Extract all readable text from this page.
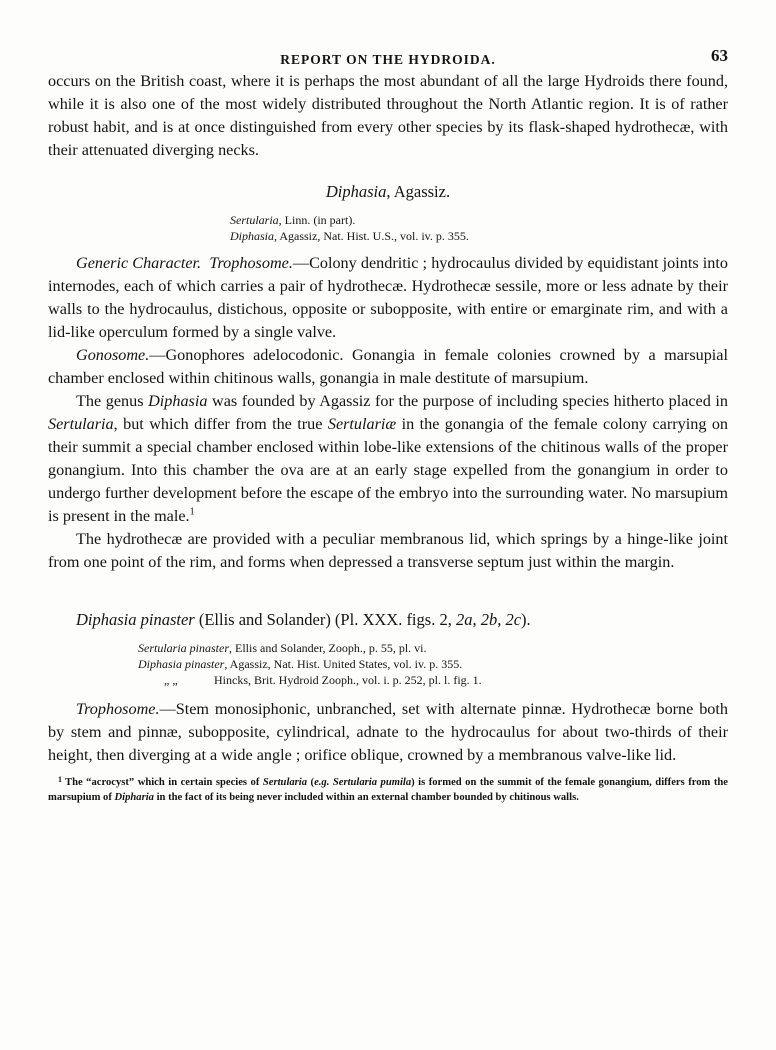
REPORT ON THE HYDROIDA.	63

occurs on the British coast, where it is perhaps the most abundant of all the large Hydroids there found, while it is also one of the most widely distributed throughout the North Atlantic region. It is of rather robust habit, and is at once distinguished from every other species by its flask-shaped hydrothecæ, with their attenuated diverging necks.

Diphasia, Agassiz.
Sertularia, Linn. (in part).
Diphasia, Agassiz, Nat. Hist. U.S., vol. iv. p. 355.

Generic Character. Trophosome.—Colony dendritic ; hydrocaulus divided by equidistant joints into internodes, each of which carries a pair of hydrothecæ. Hydrothecæ sessile, more or less adnate by their walls to the hydrocaulus, distichous, opposite or subopposite, with entire or emarginate rim, and with a lid-like operculum formed by a single valve.

Gonosome.—Gonophores adelocodonic. Gonangia in female colonies crowned by a marsupial chamber enclosed within chitinous walls, gonangia in male destitute of marsupium.

The genus Diphasia was founded by Agassiz for the purpose of including species hitherto placed in Sertularia, but which differ from the true Sertulariæ in the gonangia of the female colony carrying on their summit a special chamber enclosed within lobe-like extensions of the chitinous walls of the proper gonangium. Into this chamber the ova are at an early stage expelled from the gonangium in order to undergo further development before the escape of the embryo into the surrounding water. No marsupium is present in the male.$^1$

The hydrothecæ are provided with a peculiar membranous lid, which springs by a hinge-like joint from one point of the rim, and forms when depressed a transverse septum just within the margin.

Diphasia pinaster (Ellis and Solander) (Pl. XXX. figs. 2, 2a, 2b, 2c).
Sertularia pinaster, Ellis and Solander, Zooph., p. 55, pl. vi.
Diphasia pinaster, Agassiz, Nat. Hist. United States, vol. iv. p. 355.
„ „	Hincks, Brit. Hydroid Zooph., vol. i. p. 252, pl. l. fig. 1.

Trophosome.—Stem monosiphonic, unbranched, set with alternate pinnæ. Hydrothecæ borne both by stem and pinnæ, subopposite, cylindrical, adnate to the hydrocaulus for about two-thirds of their height, then diverging at a wide angle ; orifice oblique, crowned by a membranous valve-like lid.

$^1$ The “acrocyst” which in certain species of Sertularia (e.g. Sertularia pumila) is formed on the summit of the female gonangium, differs from the marsupium of Dipharia in the fact of its being never included within an external chamber bounded by chitinous walls.
